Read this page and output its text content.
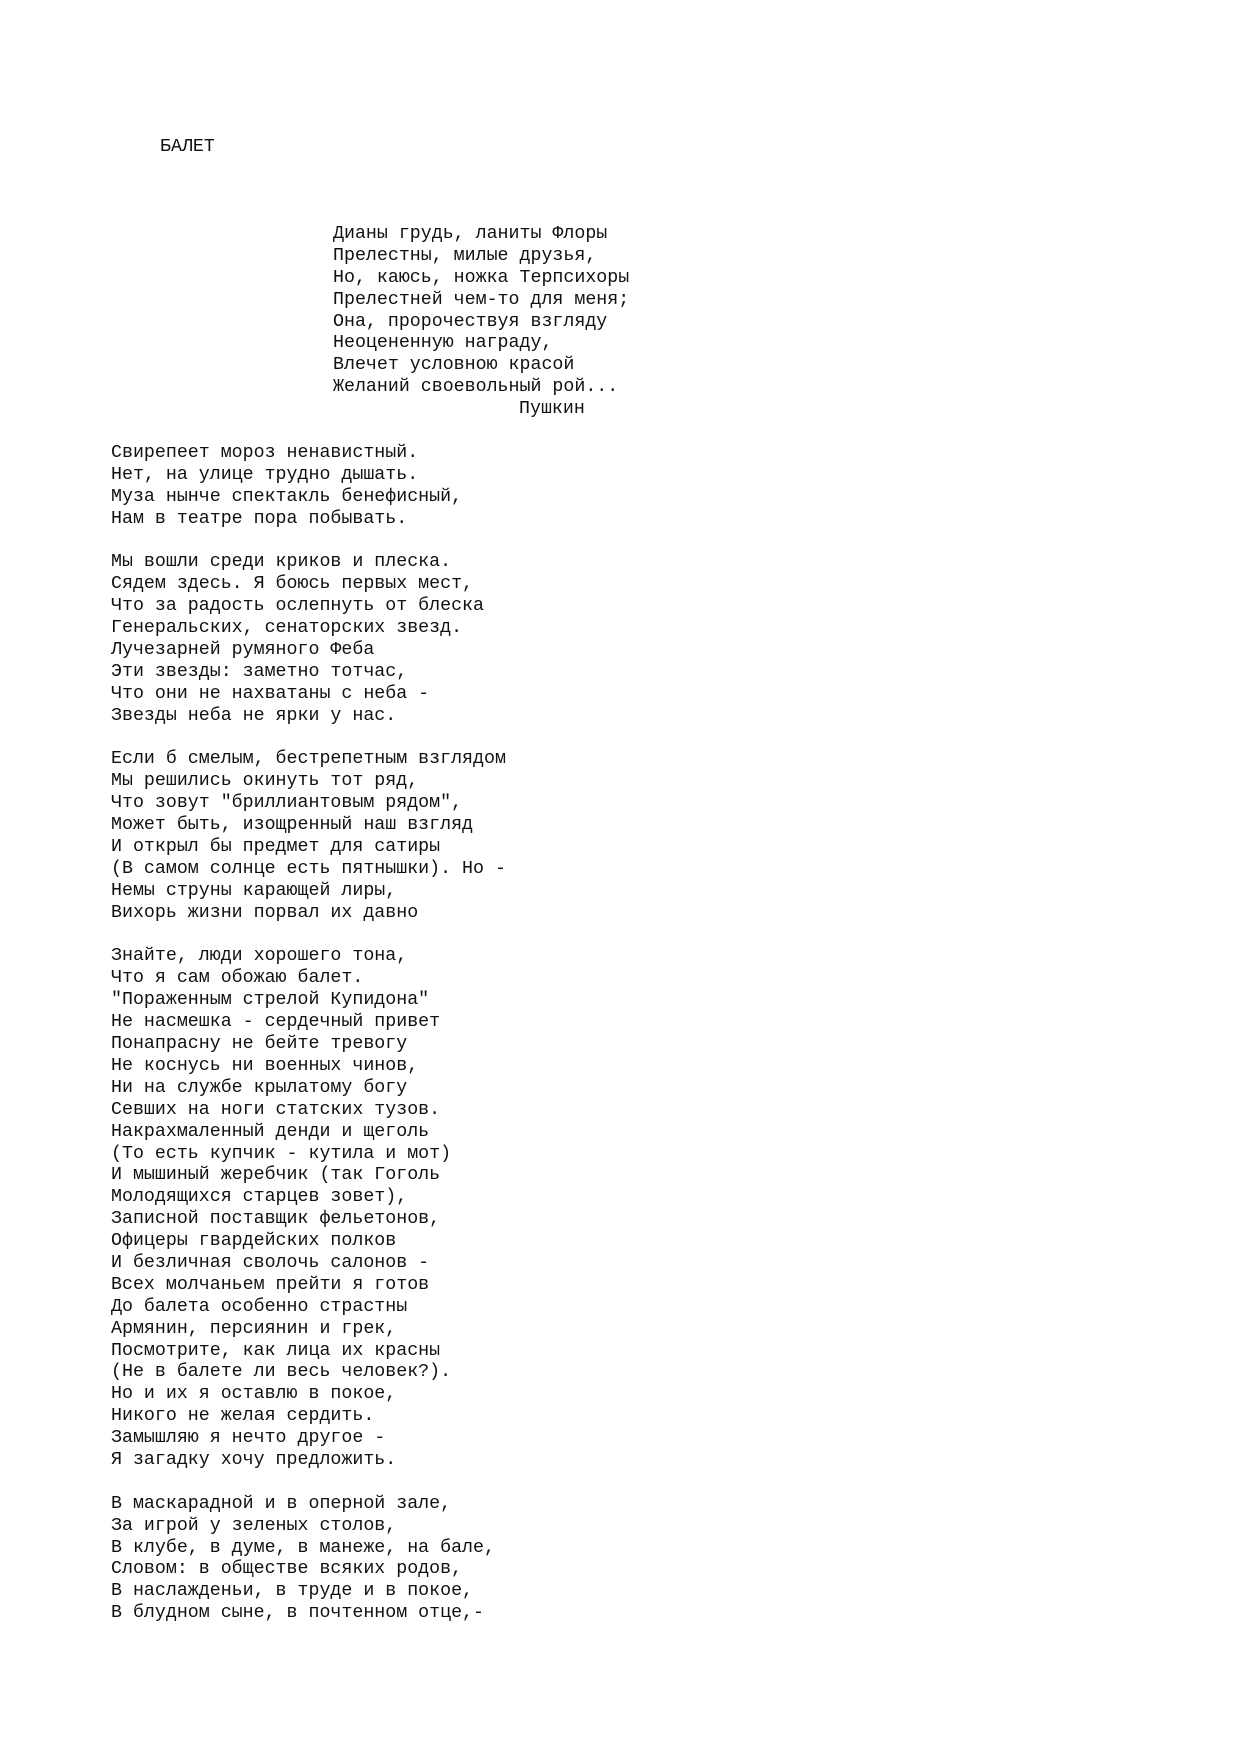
БАЛЕТ
Дианы грудь, ланиты Флоры
Прелестны, милые друзья,
Но, каюсь, ножка Терпсихоры
Прелестней чем-то для меня;
Она, пророчествуя взгляду
Неоцененную награду,
Влечет условною красой
Желаний своевольный рой...
Пушкин
Свирепеет мороз ненавистный.
Нет, на улице трудно дышать.
Муза нынче спектакль бенефисный,
Нам в театре пора побывать.
Мы вошли среди криков и плеска.
Сядем здесь. Я боюсь первых мест,
Что за радость ослепнуть от блеска
Генеральских, сенаторских звезд.
Лучезарней румяного Феба
Эти звезды: заметно тотчас,
Что они не нахватаны с неба -
Звезды неба не ярки у нас.
Если б смелым, бестрепетным взглядом
Мы решились окинуть тот ряд,
Что зовут "бриллиантовым рядом",
Может быть, изощренный наш взгляд
И открыл бы предмет для сатиры
(В самом солнце есть пятнышки). Но -
Немы струны карающей лиры,
Вихорь жизни порвал их давно
Знайте, люди хорошего тона,
Что я сам обожаю балет.
"Пораженным стрелой Купидона"
Не насмешка - сердечный привет
Понапрасну не бейте тревогу
Не коснусь ни военных чинов,
Ни на службе крылатому богу
Севших на ноги статских тузов.
Накрахмаленный денди и щеголь
(То есть купчик - кутила и мот)
И мышиный жеребчик (так Гоголь
Молодящихся старцев зовет),
Записной поставщик фельетонов,
Офицеры гвардейских полков
И безличная сволочь салонов -
Всех молчаньем прейти я готов
До балета особенно страстны
Армянин, персиянин и грек,
Посмотрите, как лица их красны
(Не в балете ли весь человек?).
Но и их я оставлю в покое,
Никого не желая сердить.
Замышляю я нечто другое -
Я загадку хочу предложить.
В маскарадной и в оперной зале,
За игрой у зеленых столов,
В клубе, в думе, в манеже, на бале,
Словом: в обществе всяких родов,
В наслажденьи, в труде и в покое,
В блудном сыне, в почтенном отце,-
